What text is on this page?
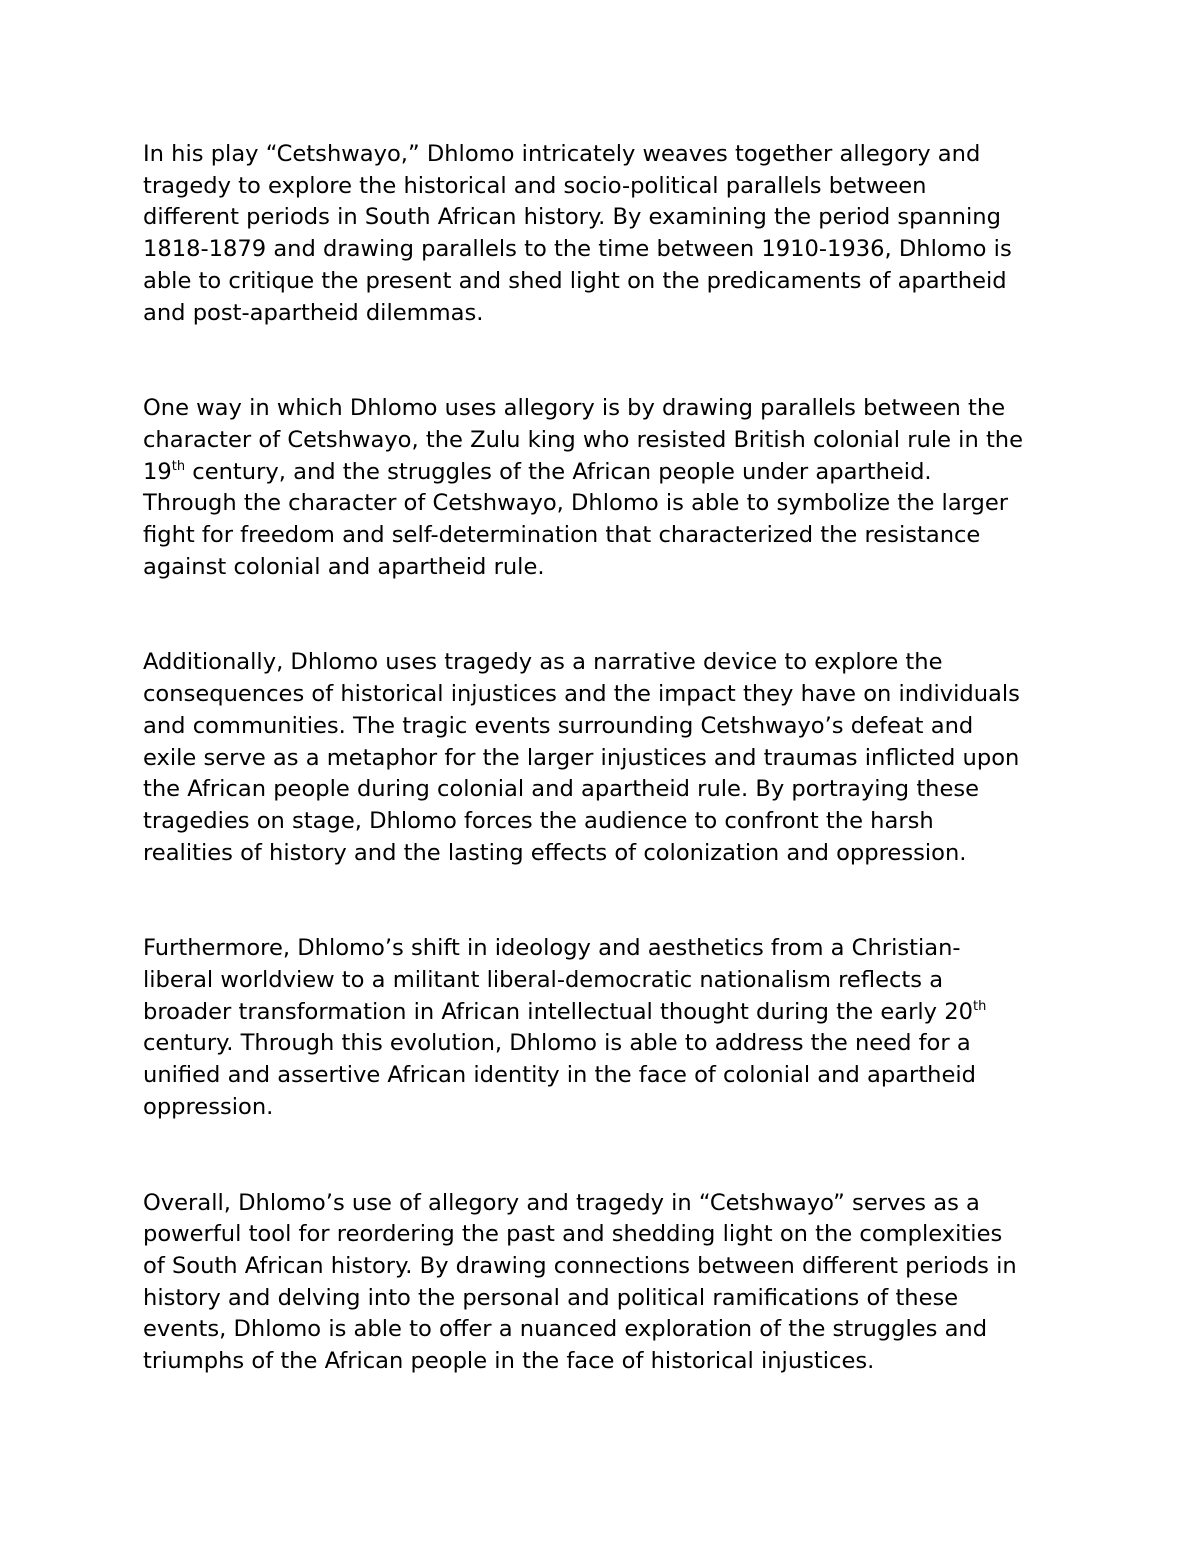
In his play “Cetshwayo,” Dhlomo intricately weaves together allegory and
tragedy to explore the historical and socio-political parallels between
different periods in South African history. By examining the period spanning
1818-1879 and drawing parallels to the time between 1910-1936, Dhlomo is
able to critique the present and shed light on the predicaments of apartheid
and post-apartheid dilemmas.

One way in which Dhlomo uses allegory is by drawing parallels between the
character of Cetshwayo, the Zulu king who resisted British colonial rule in the
19th century, and the struggles of the African people under apartheid.
Through the character of Cetshwayo, Dhlomo is able to symbolize the larger
fight for freedom and self-determination that characterized the resistance
against colonial and apartheid rule.

Additionally, Dhlomo uses tragedy as a narrative device to explore the
consequences of historical injustices and the impact they have on individuals
and communities. The tragic events surrounding Cetshwayo’s defeat and
exile serve as a metaphor for the larger injustices and traumas inflicted upon
the African people during colonial and apartheid rule. By portraying these
tragedies on stage, Dhlomo forces the audience to confront the harsh
realities of history and the lasting effects of colonization and oppression.

Furthermore, Dhlomo’s shift in ideology and aesthetics from a Christian-
liberal worldview to a militant liberal-democratic nationalism reflects a
broader transformation in African intellectual thought during the early 20th
century. Through this evolution, Dhlomo is able to address the need for a
unified and assertive African identity in the face of colonial and apartheid
oppression.

Overall, Dhlomo’s use of allegory and tragedy in “Cetshwayo” serves as a
powerful tool for reordering the past and shedding light on the complexities
of South African history. By drawing connections between different periods in
history and delving into the personal and political ramifications of these
events, Dhlomo is able to offer a nuanced exploration of the struggles and
triumphs of the African people in the face of historical injustices.
